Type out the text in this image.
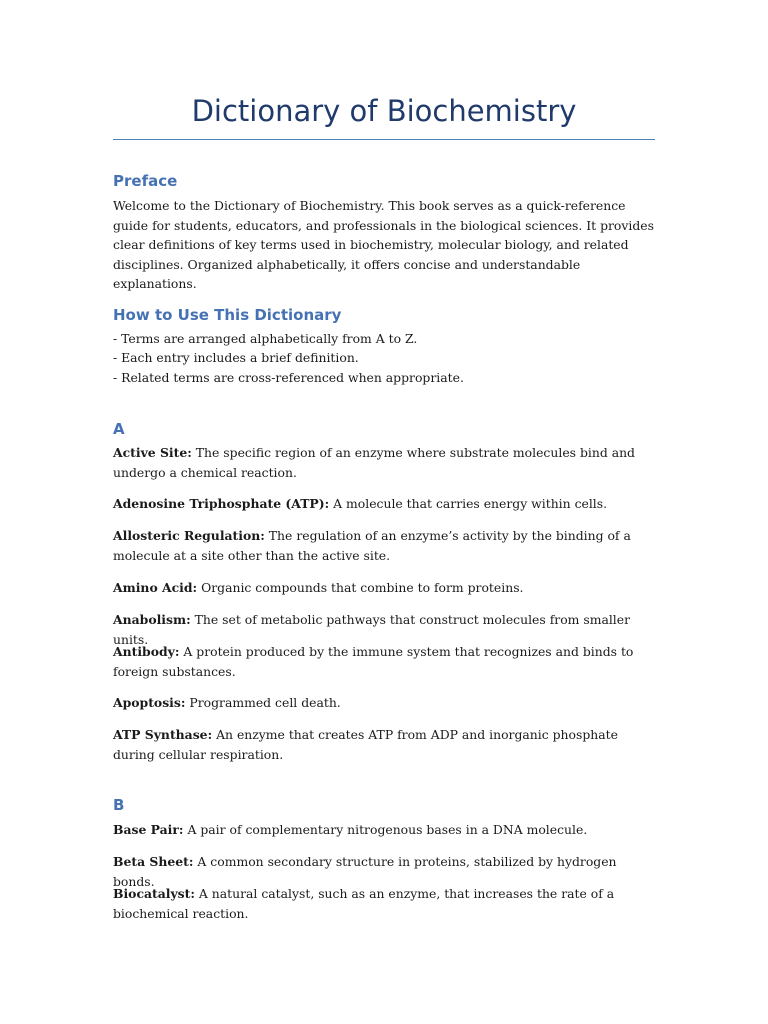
Dictionary of Biochemistry
Preface

Welcome to the Dictionary of Biochemistry. This book serves as a quick-reference guide for students, educators, and professionals in the biological sciences. It provides clear definitions of key terms used in biochemistry, molecular biology, and related disciplines. Organized alphabetically, it offers concise and understandable explanations.

How to Use This Dictionary
- Terms are arranged alphabetically from A to Z.
- Each entry includes a brief definition.
- Related terms are cross-referenced when appropriate.
A

Active Site: The specific region of an enzyme where substrate molecules bind and undergo a chemical reaction.

Adenosine Triphosphate (ATP): A molecule that carries energy within cells.

Allosteric Regulation: The regulation of an enzyme’s activity by the binding of a molecule at a site other than the active site.

Amino Acid: Organic compounds that combine to form proteins.

Anabolism: The set of metabolic pathways that construct molecules from smaller units.

Antibody: A protein produced by the immune system that recognizes and binds to foreign substances.

Apoptosis: Programmed cell death.

ATP Synthase: An enzyme that creates ATP from ADP and inorganic phosphate during cellular respiration.

B

Base Pair: A pair of complementary nitrogenous bases in a DNA molecule.

Beta Sheet: A common secondary structure in proteins, stabilized by hydrogen bonds.

Biocatalyst: A natural catalyst, such as an enzyme, that increases the rate of a biochemical reaction.
